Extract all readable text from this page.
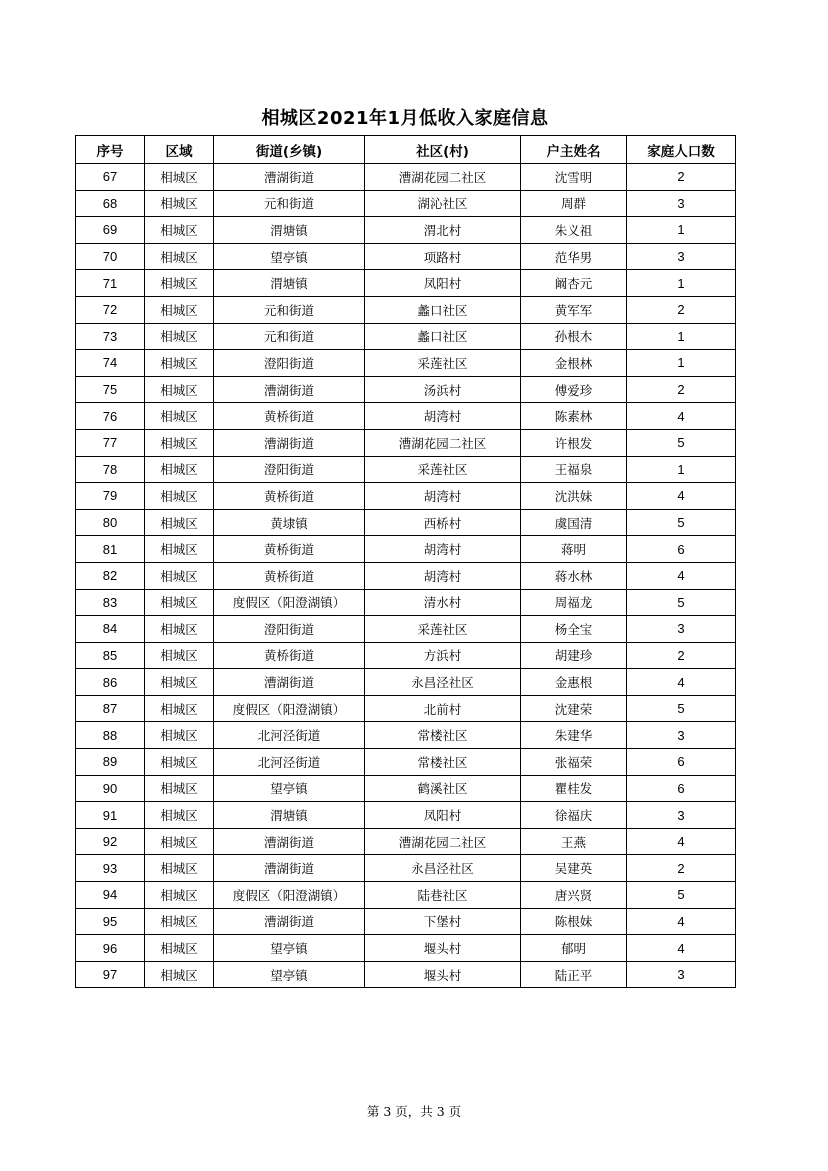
相城区2021年1月低收入家庭信息
序号	区域	街道(乡镇)	社区(村)	户主姓名	家庭人口数
67	相城区	漕湖街道	漕湖花园二社区	沈雪明	2
68	相城区	元和街道	湖沁社区	周群	3
69	相城区	渭塘镇	渭北村	朱义祖	1
70	相城区	望亭镇	项路村	范华男	3
71	相城区	渭塘镇	凤阳村	阚杏元	1
72	相城区	元和街道	蠡口社区	黄军军	2
73	相城区	元和街道	蠡口社区	孙根木	1
74	相城区	澄阳街道	采莲社区	金根林	1
75	相城区	漕湖街道	汤浜村	傅爱珍	2
76	相城区	黄桥街道	胡湾村	陈素林	4
77	相城区	漕湖街道	漕湖花园二社区	许根发	5
78	相城区	澄阳街道	采莲社区	王福泉	1
79	相城区	黄桥街道	胡湾村	沈洪妹	4
80	相城区	黄埭镇	西桥村	虞国清	5
81	相城区	黄桥街道	胡湾村	蒋明	6
82	相城区	黄桥街道	胡湾村	蒋水林	4
83	相城区	度假区（阳澄湖镇）	清水村	周福龙	5
84	相城区	澄阳街道	采莲社区	杨全宝	3
85	相城区	黄桥街道	方浜村	胡建珍	2
86	相城区	漕湖街道	永昌泾社区	金惠根	4
87	相城区	度假区（阳澄湖镇）	北前村	沈建荣	5
88	相城区	北河泾街道	常楼社区	朱建华	3
89	相城区	北河泾街道	常楼社区	张福荣	6
90	相城区	望亭镇	鹤溪社区	瞿桂发	6
91	相城区	渭塘镇	凤阳村	徐福庆	3
92	相城区	漕湖街道	漕湖花园二社区	王燕	4
93	相城区	漕湖街道	永昌泾社区	吴建英	2
94	相城区	度假区（阳澄湖镇）	陆巷社区	唐兴贤	5
95	相城区	漕湖街道	下堡村	陈根妹	4
96	相城区	望亭镇	堰头村	郁明	4
97	相城区	望亭镇	堰头村	陆正平	3
第 3 页，共 3 页
